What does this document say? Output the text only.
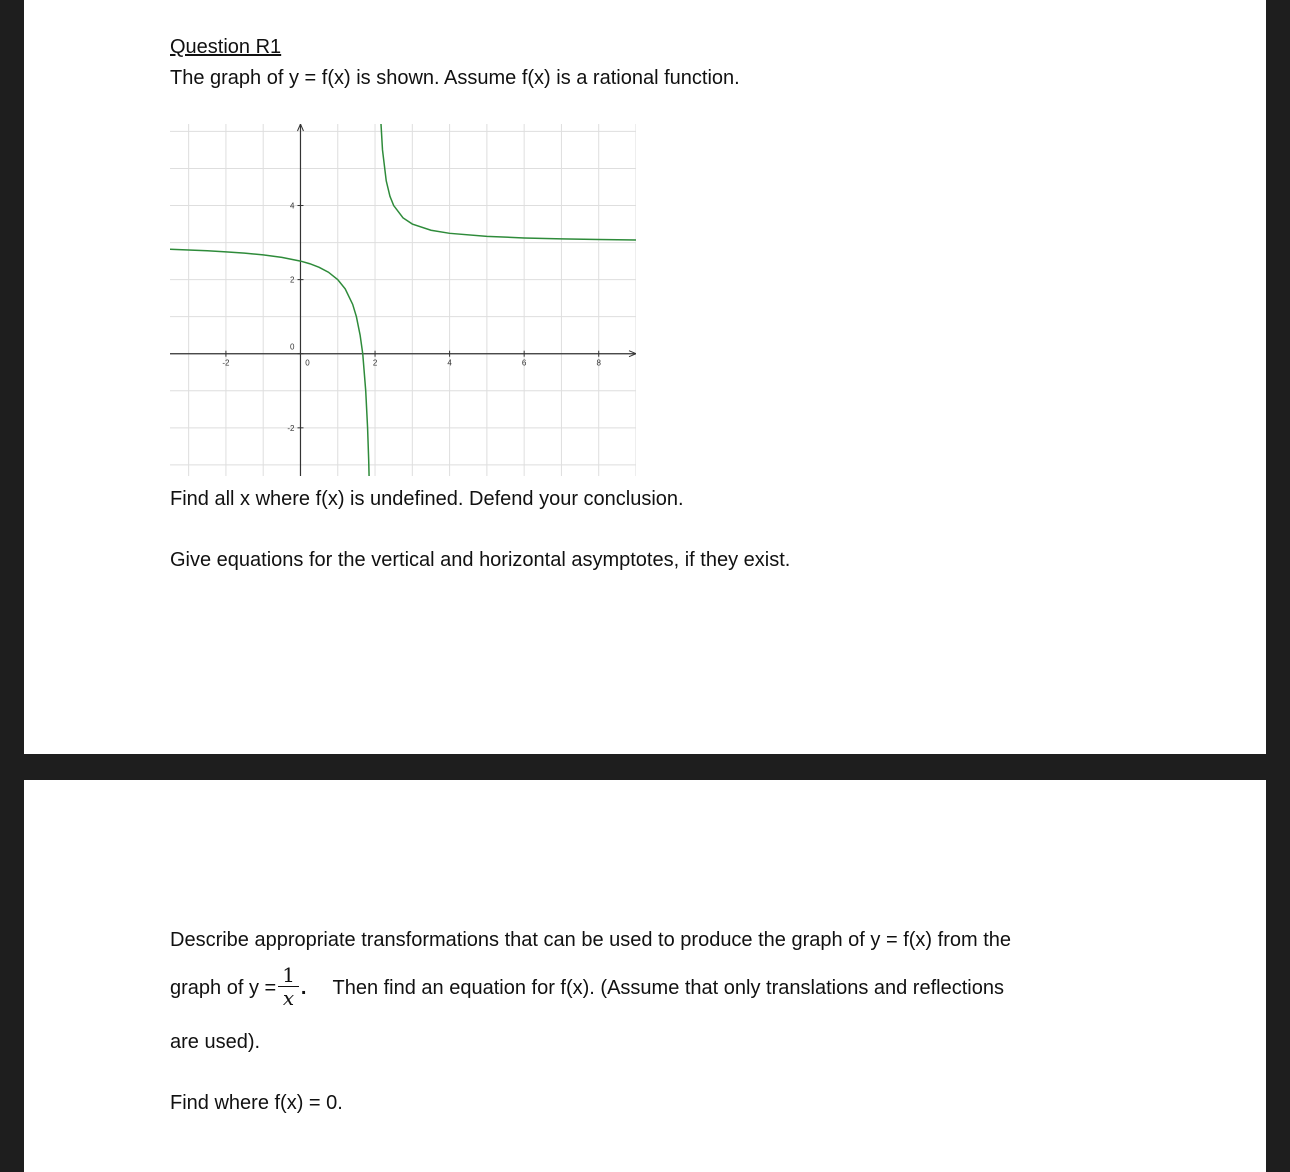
Question R1
The graph of y = f(x) is shown. Assume f(x) is a rational function.
-2	0	2	4	6	8
-2
0
2
4
Find all x where f(x) is undefined. Defend your conclusion.
Give equations for the vertical and horizontal asymptotes, if they exist.
Describe appropriate transformations that can be used to produce the graph of y = f(x) from the
graph of $y = \frac{1}{x}$ . Then find an equation for f(x). (Assume that only translations and reflections
are used).
Find where f(x) = 0.
